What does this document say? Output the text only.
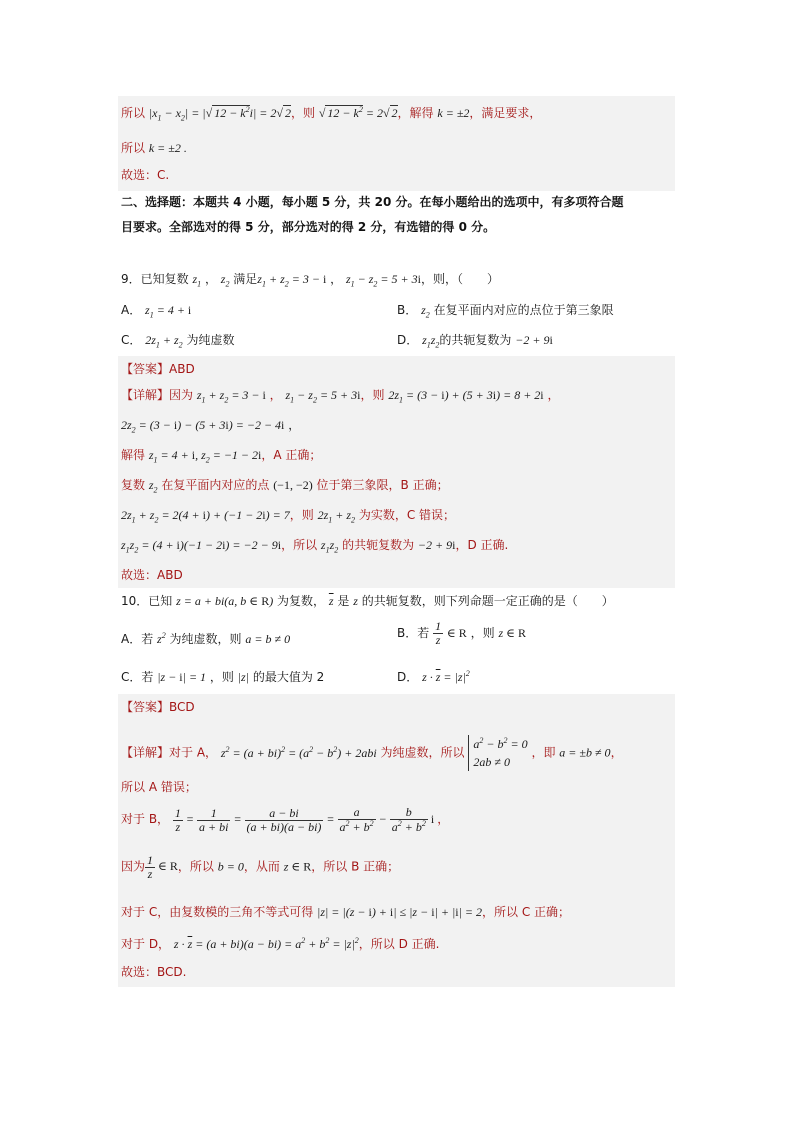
所以 $|x_1 - x_2|$ = |√ $12 - k^2i| = 2√$ 2，则 √ $12 - k^2 = 2√$ 2，解得 k = ±2，满足要求，
所以 k = ±2 .
故选：C.
二、选择题：本题共 4 小题，每小题 5 分，共 20 分。在每小题给出的选项中，有多项符合题
目要求。全部选对的得 5 分，部分选对的得 2 分，有选错的得 0 分。
9．已知复数 $z_1$ ， $z_2$ 满足$z_1 + z_2 = 3 - i$ ， $z_1 - z_2 = 5 + 3i$，则，（　　）
A． $z_1 = 4 + i$	B． $z_2$ 在复平面内对应的点位于第三象限
C． $2z_1 + z_2$ 为纯虚数	D． $z_1z_2$的共轭复数为 −2 + 9i
【答案】ABD
【详解】因为 $z_1 + z_2 = 3 - i$ ， $z_1 - z_2 = 5 + 3i$，则 $2z_1 = (3 - i) + (5 + 3i) = 8 + 2i$ ，
$2z_2 = (3 - i) - (5 + 3i) = -2 - 4i$ ，
解得 $z_1 = 4 + i$, $z_2 = -1 - 2i$，A 正确；
复数 $z_2$ 在复平面内对应的点 (−1, −2) 位于第三象限，B 正确；
$2z_1 + z_2 = 2(4 + i) + (-1 - 2i) = 7$，则 $2z_1 + z_2$ 为实数，C 错误；
$z_1z_2 = (4 + i)(-1 - 2i) = -2 - 9i$，所以 $z_1z_2$ 的共轭复数为 −2 + 9i，D 正确.
故选：ABD
10．已知 z = a + bi(a, b ∈ R) 为复数， $\overline{z}$ 是 z 的共轭复数，则下列命题一定正确的是（　　）
A．若 $z^2$ 为纯虚数，则 a = b ≠ 0	B．若 $\frac{1}{z}$ ∈ R ，则 z ∈ R
C．若 |z − i| = 1 ，则 |z| 的最大值为 2	D． $z \cdot \overline{z} = |z|^2$
【答案】BCD
【详解】对于 A， $z^2 = (a + bi)^2 = (a^2 - b^2) + 2abi$ 为纯虚数，所以 $a^2 - b^2 = 0$
2ab ≠ 0 ，即 a = ±b ≠ 0，
所以 A 错误；
对于 B， $\frac{1}{z} = \frac{1}{a + bi} = \frac{a - bi}{(a + bi)(a - bi)} = \frac{a}{a^2 + b^2} - \frac{b}{a^2 + b^2}$ i ，
因为 $\frac{1}{z}$ ∈ R，所以 b = 0，从而 z ∈ R，所以 B 正确；
对于 C，由复数模的三角不等式可得 |z| = |(z − i) + i| ≤ |z − i| + |i| = 2，所以 C 正确；
对于 D， $z \cdot \overline{z} = (a + bi)(a - bi) = a^2 + b^2 = |z|^2$，所以 D 正确.
故选：BCD.
